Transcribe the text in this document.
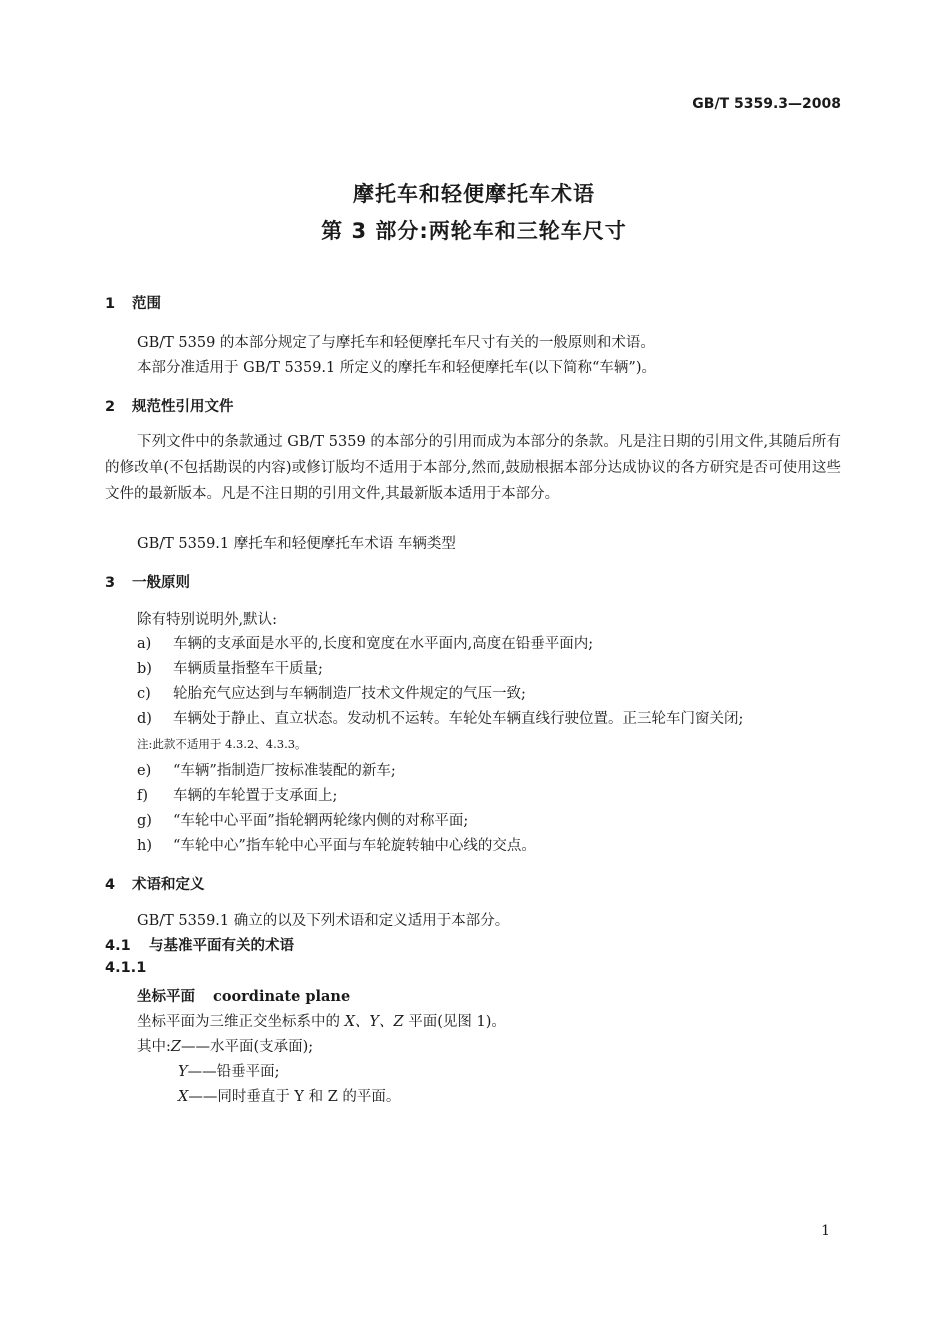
GB/T 5359.3—2008
摩托车和轻便摩托车术语
第 3 部分:两轮车和三轮车尺寸
1 范围
GB/T 5359 的本部分规定了与摩托车和轻便摩托车尺寸有关的一般原则和术语。
本部分准适用于 GB/T 5359.1 所定义的摩托车和轻便摩托车(以下简称“车辆”)。
2 规范性引用文件
下列文件中的条款通过 GB/T 5359 的本部分的引用而成为本部分的条款。凡是注日期的引用文件,其随后所有的修改单(不包括勘误的内容)或修订版均不适用于本部分,然而,鼓励根据本部分达成协议的各方研究是否可使用这些文件的最新版本。凡是不注日期的引用文件,其最新版本适用于本部分。
GB/T 5359.1 摩托车和轻便摩托车术语 车辆类型
3 一般原则
除有特别说明外,默认:
a) 车辆的支承面是水平的,长度和宽度在水平面内,高度在铅垂平面内;
b) 车辆质量指整车干质量;
c) 轮胎充气应达到与车辆制造厂技术文件规定的气压一致;
d) 车辆处于静止、直立状态。发动机不运转。车轮处车辆直线行驶位置。正三轮车门窗关闭;
注:此款不适用于 4.3.2、4.3.3。
e) “车辆”指制造厂按标准装配的新车;
f) 车辆的车轮置于支承面上;
g) “车轮中心平面”指轮辋两轮缘内侧的对称平面;
h) “车轮中心”指车轮中心平面与车轮旋转轴中心线的交点。
4 术语和定义
GB/T 5359.1 确立的以及下列术语和定义适用于本部分。
4.1 与基准平面有关的术语
4.1.1
坐标平面 coordinate plane
坐标平面为三维正交坐标系中的 X、Y、Z 平面(见图 1)。
其中:Z——水平面(支承面);
Y——铅垂平面;
X——同时垂直于 Y 和 Z 的平面。
1
